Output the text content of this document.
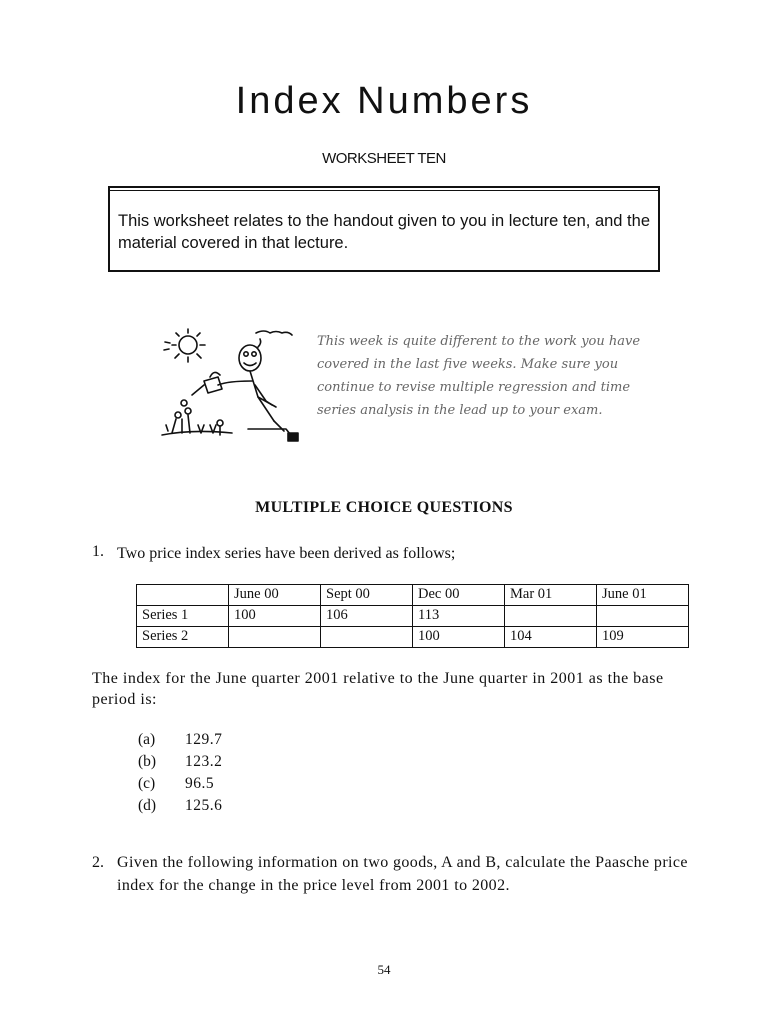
Index Numbers
WORKSHEET TEN
This worksheet relates to the handout given to you in lecture ten, and the material covered in that lecture.
This week is quite different to the work you have covered in the last five weeks. Make sure you continue to revise multiple regression and time series analysis in the lead up to your exam.
MULTIPLE CHOICE QUESTIONS
1. Two price index series have been derived as follows;
	June 00	Sept 00	Dec 00	Mar 01	June 01
Series 1	100	106	113		
Series 2			100	104	109
The index for the June quarter 2001 relative to the June quarter in 2001 as the base period is:
(a) 129.7
(b) 123.2
(c) 96.5
(d) 125.6
2. Given the following information on two goods, A and B, calculate the Paasche price index for the change in the price level from 2001 to 2002.
54
